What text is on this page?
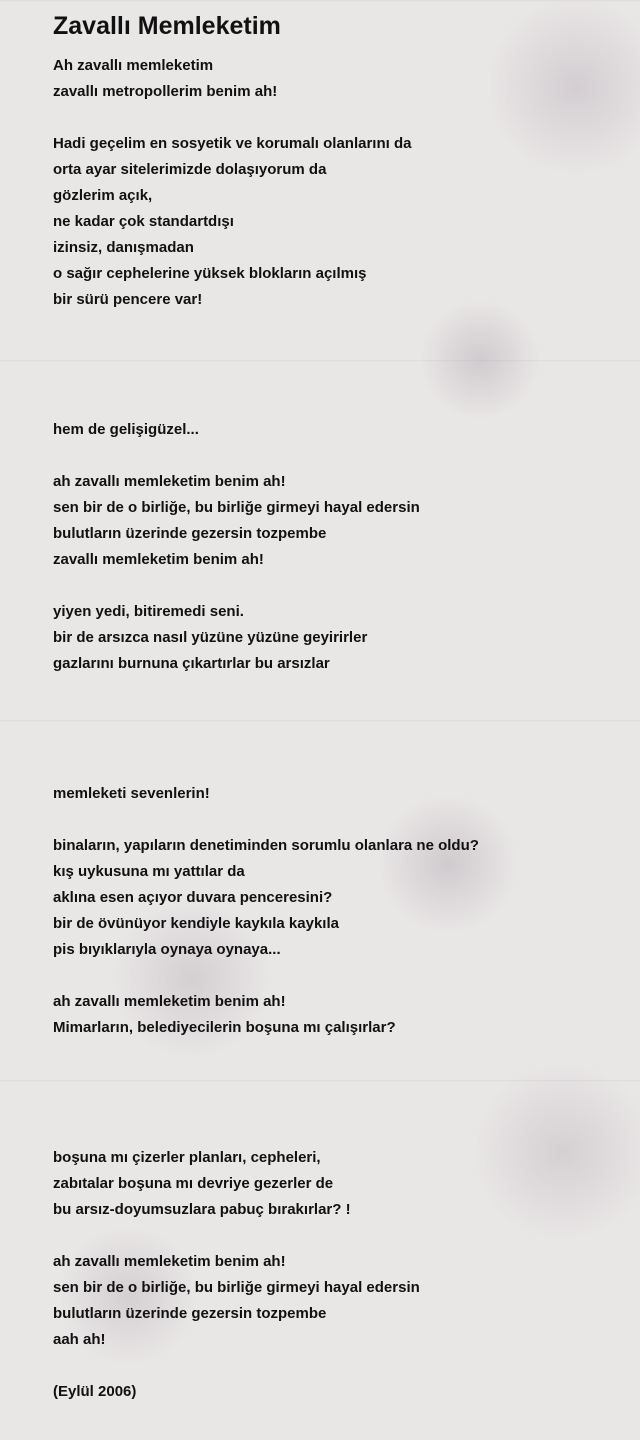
Zavallı Memleketim
Ah zavallı memleketim
zavallı metropollerim benim ah!
Hadi geçelim en sosyetik ve korumalı olanlarını da
orta ayar sitelerimizde dolaşıyorum da
gözlerim açık,
ne kadar çok standartdışı
izinsiz, danışmadan
o sağır cephelerine yüksek blokların açılmış
bir sürü pencere var!
hem de gelişigüzel...
ah zavallı memleketim benim ah!
sen bir de o birliğe, bu birliğe girmeyi hayal edersin
bulutların üzerinde gezersin tozpembe
zavallı memleketim benim ah!
yiyen yedi, bitiremedi seni.
bir de arsızca nasıl yüzüne yüzüne geyirirler
gazlarını burnuna çıkartırlar bu arsızlar
memleketi sevenlerin!
binaların, yapıların denetiminden sorumlu olanlara ne oldu?
kış uykusuna mı yattılar da
aklına esen açıyor duvara penceresini?
bir de övünüyor kendiyle kaykıla kaykıla
pis bıyıklarıyla oynaya oynaya...
ah zavallı memleketim benim ah!
Mimarların, belediyecilerin boşuna mı çalışırlar?
boşuna mı çizerler planları, cepheleri,
zabıtalar boşuna mı devriye gezerler de
bu arsız-doyumsuzlara pabuç bırakırlar? !
ah zavallı memleketim benim ah!
sen bir de o birliğe, bu birliğe girmeyi hayal edersin
bulutların üzerinde gezersin tozpembe
aah ah!
(Eylül 2006)
